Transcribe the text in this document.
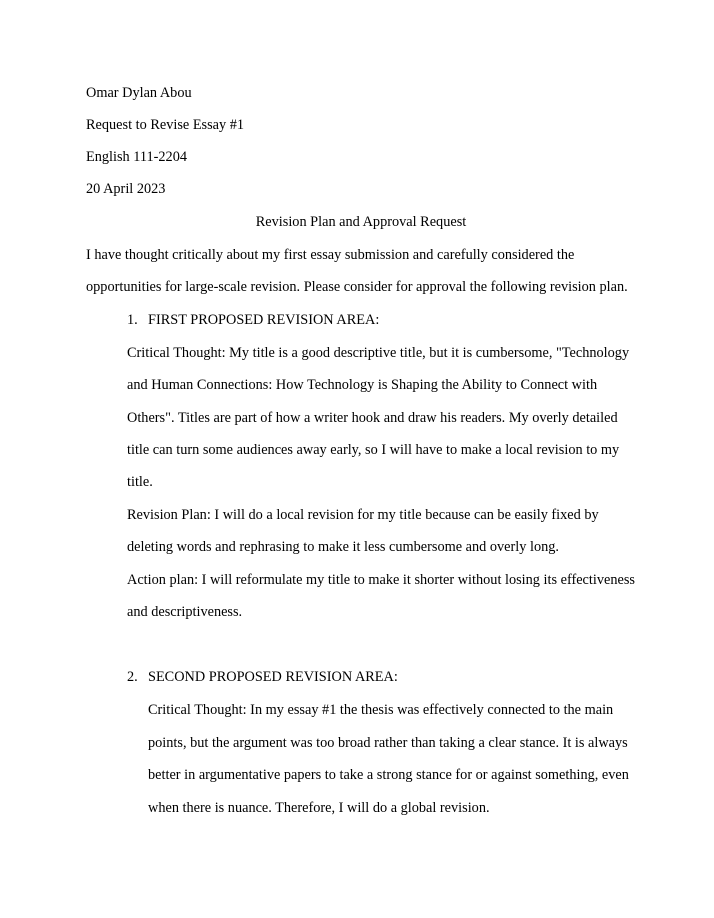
Omar Dylan Abou
Request to Revise Essay #1
English 111-2204
20 April 2023
Revision Plan and Approval Request
I have thought critically about my first essay submission and carefully considered the
opportunities for large-scale revision. Please consider for approval the following revision plan.
1. FIRST PROPOSED REVISION AREA:
Critical Thought: My title is a good descriptive title, but it is cumbersome, "Technology
and Human Connections: How Technology is Shaping the Ability to Connect with
Others". Titles are part of how a writer hook and draw his readers. My overly detailed
title can turn some audiences away early, so I will have to make a local revision to my
title.
Revision Plan: I will do a local revision for my title because can be easily fixed by
deleting words and rephrasing to make it less cumbersome and overly long.
Action plan: I will reformulate my title to make it shorter without losing its effectiveness
and descriptiveness.
2. SECOND PROPOSED REVISION AREA:
Critical Thought: In my essay #1 the thesis was effectively connected to the main
points, but the argument was too broad rather than taking a clear stance. It is always
better in argumentative papers to take a strong stance for or against something, even
when there is nuance. Therefore, I will do a global revision.
